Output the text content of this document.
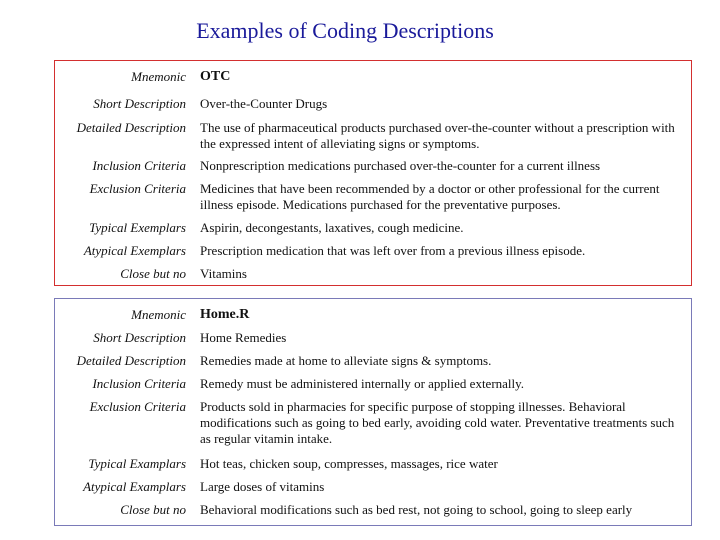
Examples of Coding Descriptions
Mnemonic OTC
Short Description Over-the-Counter Drugs
Detailed Description The use of pharmaceutical products purchased over-the-counter without a prescription with the expressed intent of alleviating signs or symptoms.
Inclusion Criteria Nonprescription medications purchased over-the-counter for a current illness
Exclusion Criteria Medicines that have been recommended by a doctor or other professional for the current illness episode. Medications purchased for the preventative purposes.
Typical Exemplars Aspirin, decongestants, laxatives, cough medicine.
Atypical Exemplars Prescription medication that was left over from a previous illness episode.
Close but no Vitamins
Mnemonic Home.R
Short Description Home Remedies
Detailed Description Remedies made at home to alleviate signs & symptoms.
Inclusion Criteria Remedy must be administered internally or applied externally.
Exclusion Criteria Products sold in pharmacies for specific purpose of stopping illnesses. Behavioral modifications such as going to bed early, avoiding cold water. Preventative treatments such as regular vitamin intake.
Typical Examplars Hot teas, chicken soup, compresses, massages, rice water
Atypical Examplars Large doses of vitamins
Close but no Behavioral modifications such as bed rest, not going to school, going to sleep early
